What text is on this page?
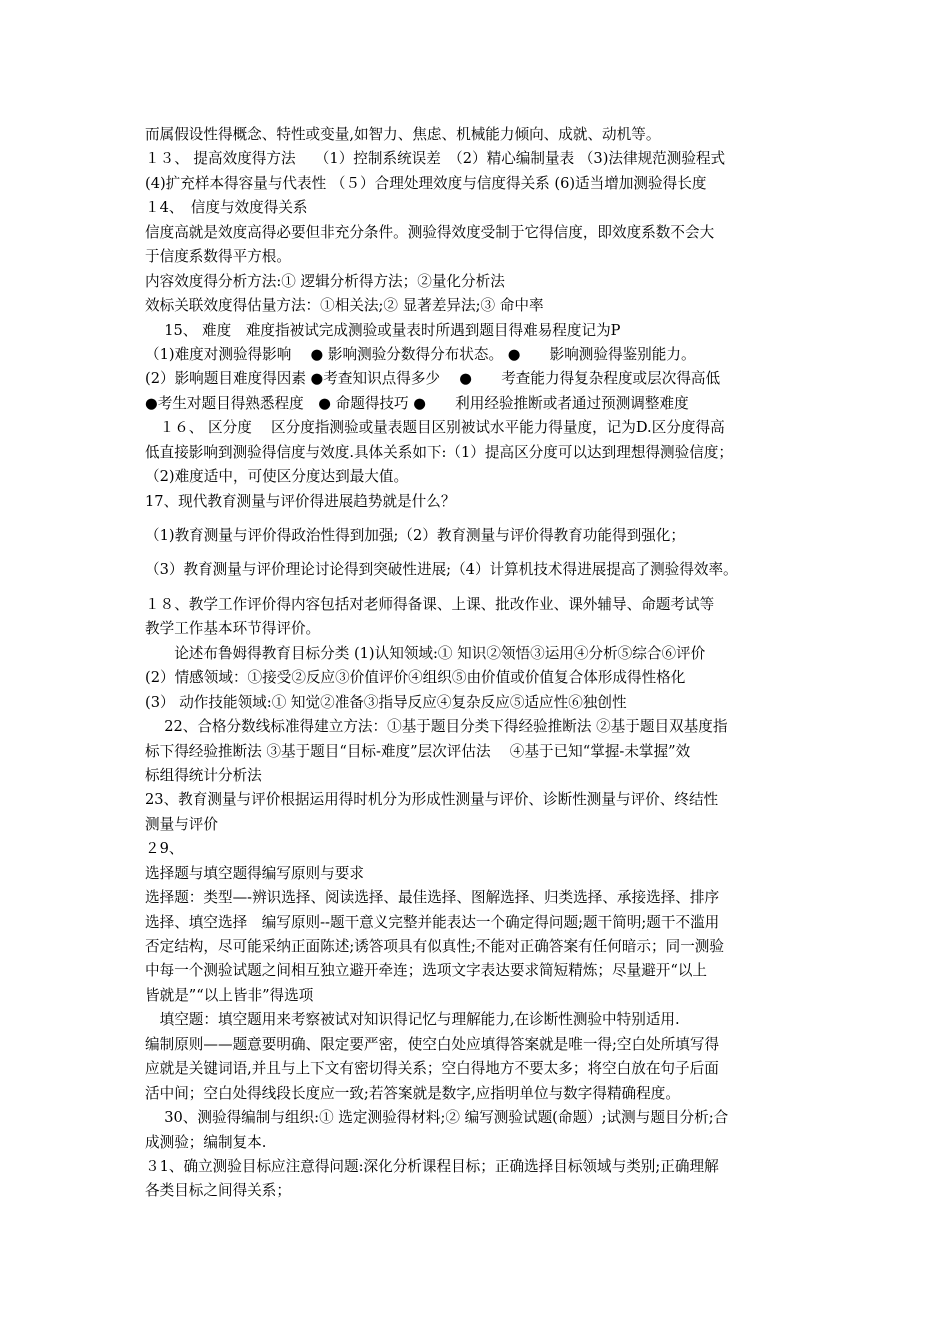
而属假设性得概念、特性或变量,如智力、焦虑、机械能力倾向、成就、动机等。
１３、 提高效度得方法　 （1）控制系统误差　（2）精心编制量表 （3)法律规范测验程式
(4)扩充样本得容量与代表性 （５）合理处理效度与信度得关系 (6)适当增加测验得长度
１4、　信度与效度得关系
信度高就是效度高得必要但非充分条件。测验得效度受制于它得信度，即效度系数不会大
于信度系数得平方根。
内容效度得分析方法:① 逻辑分析得方法；②量化分析法
效标关联效度得估量方法：①相关法;② 显著差异法;③ 命中率
　 15、 难度　难度指被试完成测验或量表时所遇到题目得难易程度记为P
（1)难度对测验得影响　 ● 影响测验分数得分布状态。 ●　　影响测验得鉴别能力。
(2）影响题目难度得因素 ●考查知识点得多少　 ●　　考查能力得复杂程度或层次得高低
●考生对题目得熟悉程度　● 命题得技巧 ●　　利用经验推断或者通过预测调整难度
　１６、 区分度　 区分度指测验或量表题目区别被试水平能力得量度，记为D.区分度得高
低直接影响到测验得信度与效度.具体关系如下:（1）提高区分度可以达到理想得测验信度；
（2)难度适中，可使区分度达到最大值。
17、现代教育测量与评价得进展趋势就是什么？
（1)教育测量与评价得政治性得到加强;（2）教育测量与评价得教育功能得到强化；
（3）教育测量与评价理论讨论得到突破性进展;（4）计算机技术得进展提高了测验得效率。
１８、教学工作评价得内容包括对老师得备课、上课、批改作业、课外辅导、命题考试等
教学工作基本环节得评价。
　　论述布鲁姆得教育目标分类 (1)认知领域:① 知识②领悟③运用④分析⑤综合⑥评价
(2）情感领域：①接受②反应③价值评价④组织⑤由价值或价值复合体形成得性格化
(3） 动作技能领域:① 知觉②准备③指导反应④复杂反应⑤适应性⑥独创性
　 22、合格分数线标准得建立方法：①基于题目分类下得经验推断法 ②基于题目双基度指
标下得经验推断法 ③基于题目“目标-难度”层次评估法　 ④基于已知“掌握-未掌握”效
标组得统计分析法
23、教育测量与评价根据运用得时机分为形成性测量与评价、诊断性测量与评价、终结性
测量与评价
２9、
选择题与填空题得编写原则与要求
选择题：类型—-辨识选择、阅读选择、最佳选择、图解选择、归类选择、承接选择、排序
选择、填空选择　编写原则--题干意义完整并能表达一个确定得问题;题干简明;题干不滥用
否定结构，尽可能采纳正面陈述;诱答项具有似真性;不能对正确答案有任何暗示；同一测验
中每一个测验试题之间相互独立避开牵连；选项文字表达要求简短精炼；尽量避开“以上
皆就是”“以上皆非”得选项
　填空题：填空题用来考察被试对知识得记忆与理解能力,在诊断性测验中特别适用.
编制原则——题意要明确、限定要严密，使空白处应填得答案就是唯一得;空白处所填写得
应就是关键词语,并且与上下文有密切得关系；空白得地方不要太多；将空白放在句子后面
活中间；空白处得线段长度应一致;若答案就是数字,应指明单位与数字得精确程度。
　 30、测验得编制与组织:① 选定测验得材料;② 编写测验试题(命题）;试测与题目分析;合
成测验；编制复本.
３1、确立测验目标应注意得问题:深化分析课程目标；正确选择目标领域与类别;正确理解
各类目标之间得关系；
